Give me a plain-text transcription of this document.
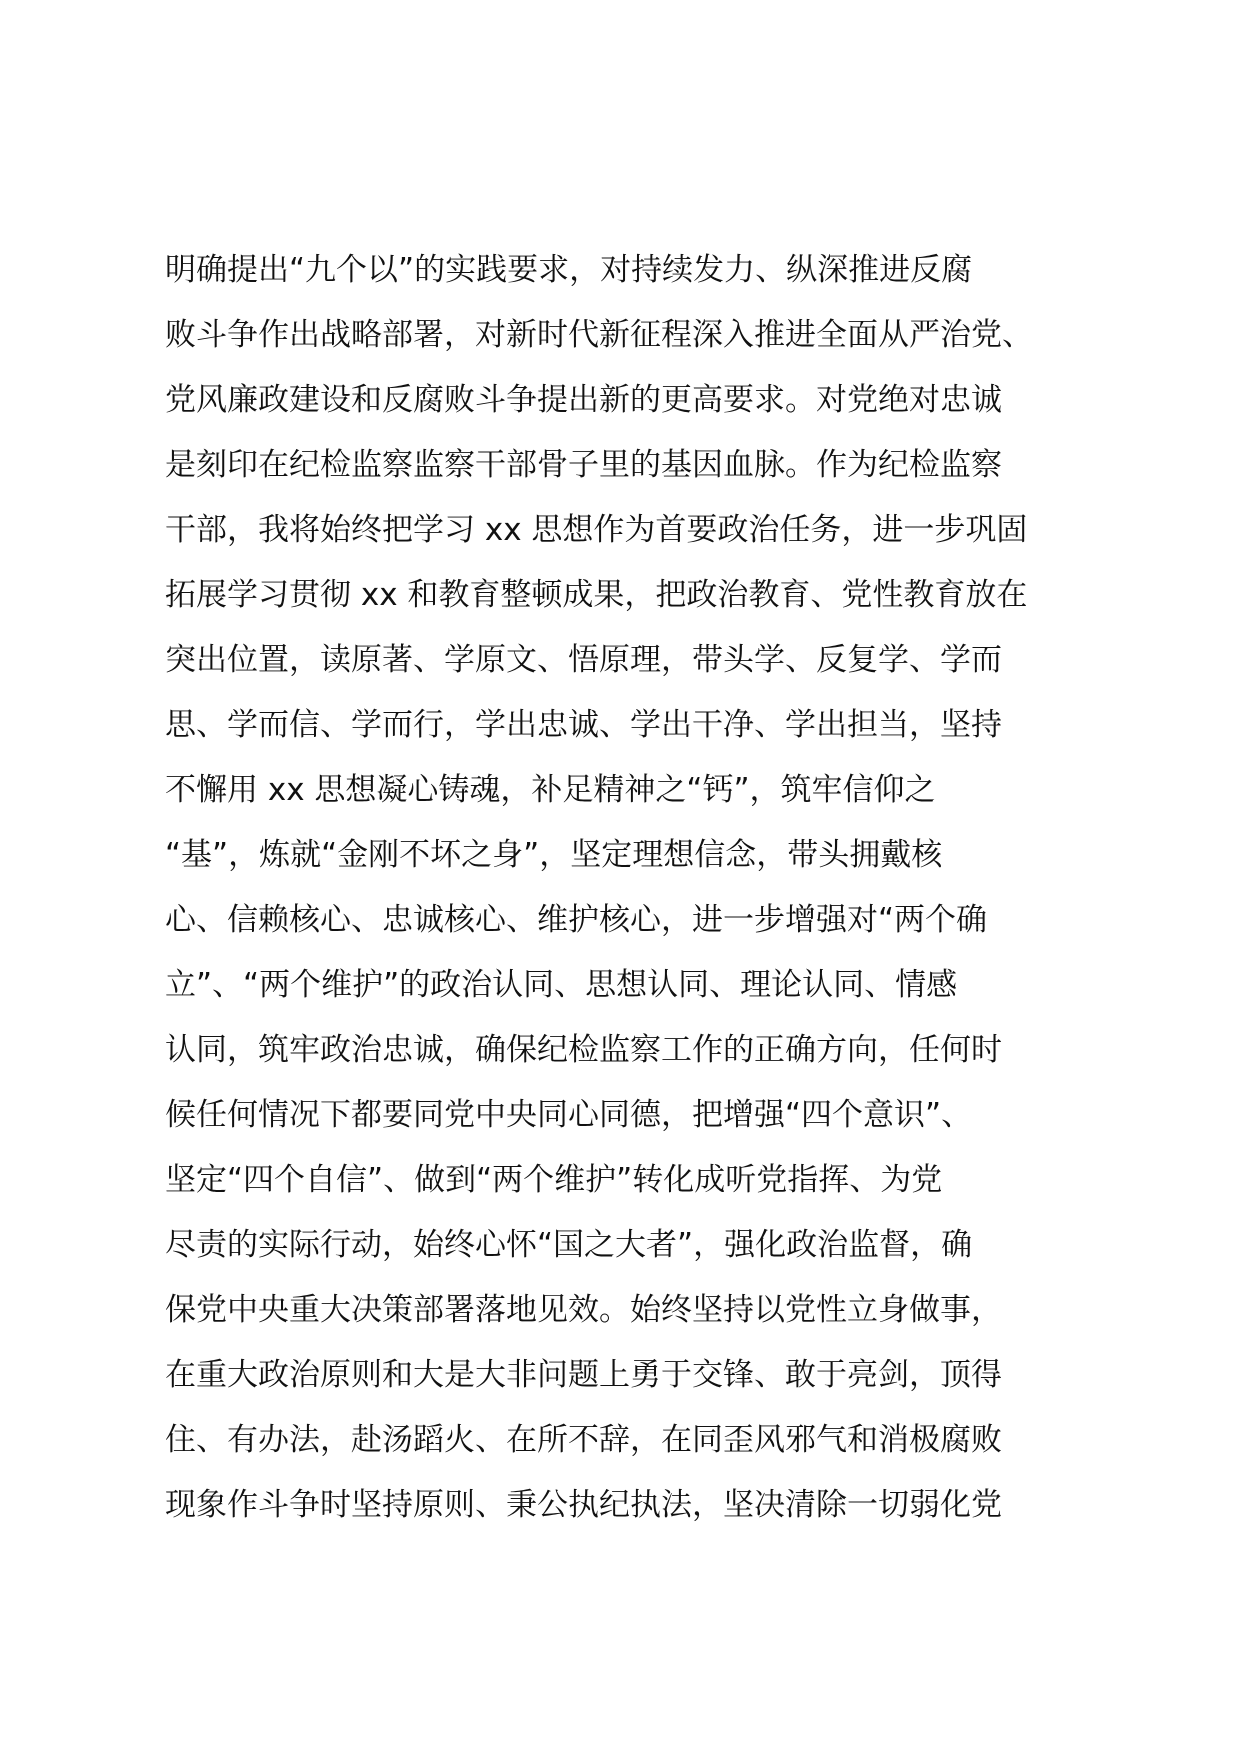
明确提出“九个以”的实践要求，对持续发力、纵深推进反腐
败斗争作出战略部署，对新时代新征程深入推进全面从严治党、
党风廉政建设和反腐败斗争提出新的更高要求。对党绝对忠诚
是刻印在纪检监察监察干部骨子里的基因血脉。作为纪检监察
干部，我将始终把学习 xx 思想作为首要政治任务，进一步巩固
拓展学习贯彻 xx 和教育整顿成果，把政治教育、党性教育放在
突出位置，读原著、学原文、悟原理，带头学、反复学、学而
思、学而信、学而行，学出忠诚、学出干净、学出担当，坚持
不懈用 xx 思想凝心铸魂，补足精神之“钙”，筑牢信仰之
“基”，炼就“金刚不坏之身”，坚定理想信念，带头拥戴核
心、信赖核心、忠诚核心、维护核心，进一步增强对“两个确
立”、“两个维护”的政治认同、思想认同、理论认同、情感
认同，筑牢政治忠诚，确保纪检监察工作的正确方向，任何时
候任何情况下都要同党中央同心同德，把增强“四个意识”、
坚定“四个自信”、做到“两个维护”转化成听党指挥、为党
尽责的实际行动，始终心怀“国之大者”，强化政治监督，确
保党中央重大决策部署落地见效。始终坚持以党性立身做事，
在重大政治原则和大是大非问题上勇于交锋、敢于亮剑，顶得
住、有办法，赴汤蹈火、在所不辞，在同歪风邪气和消极腐败
现象作斗争时坚持原则、秉公执纪执法，坚决清除一切弱化党
